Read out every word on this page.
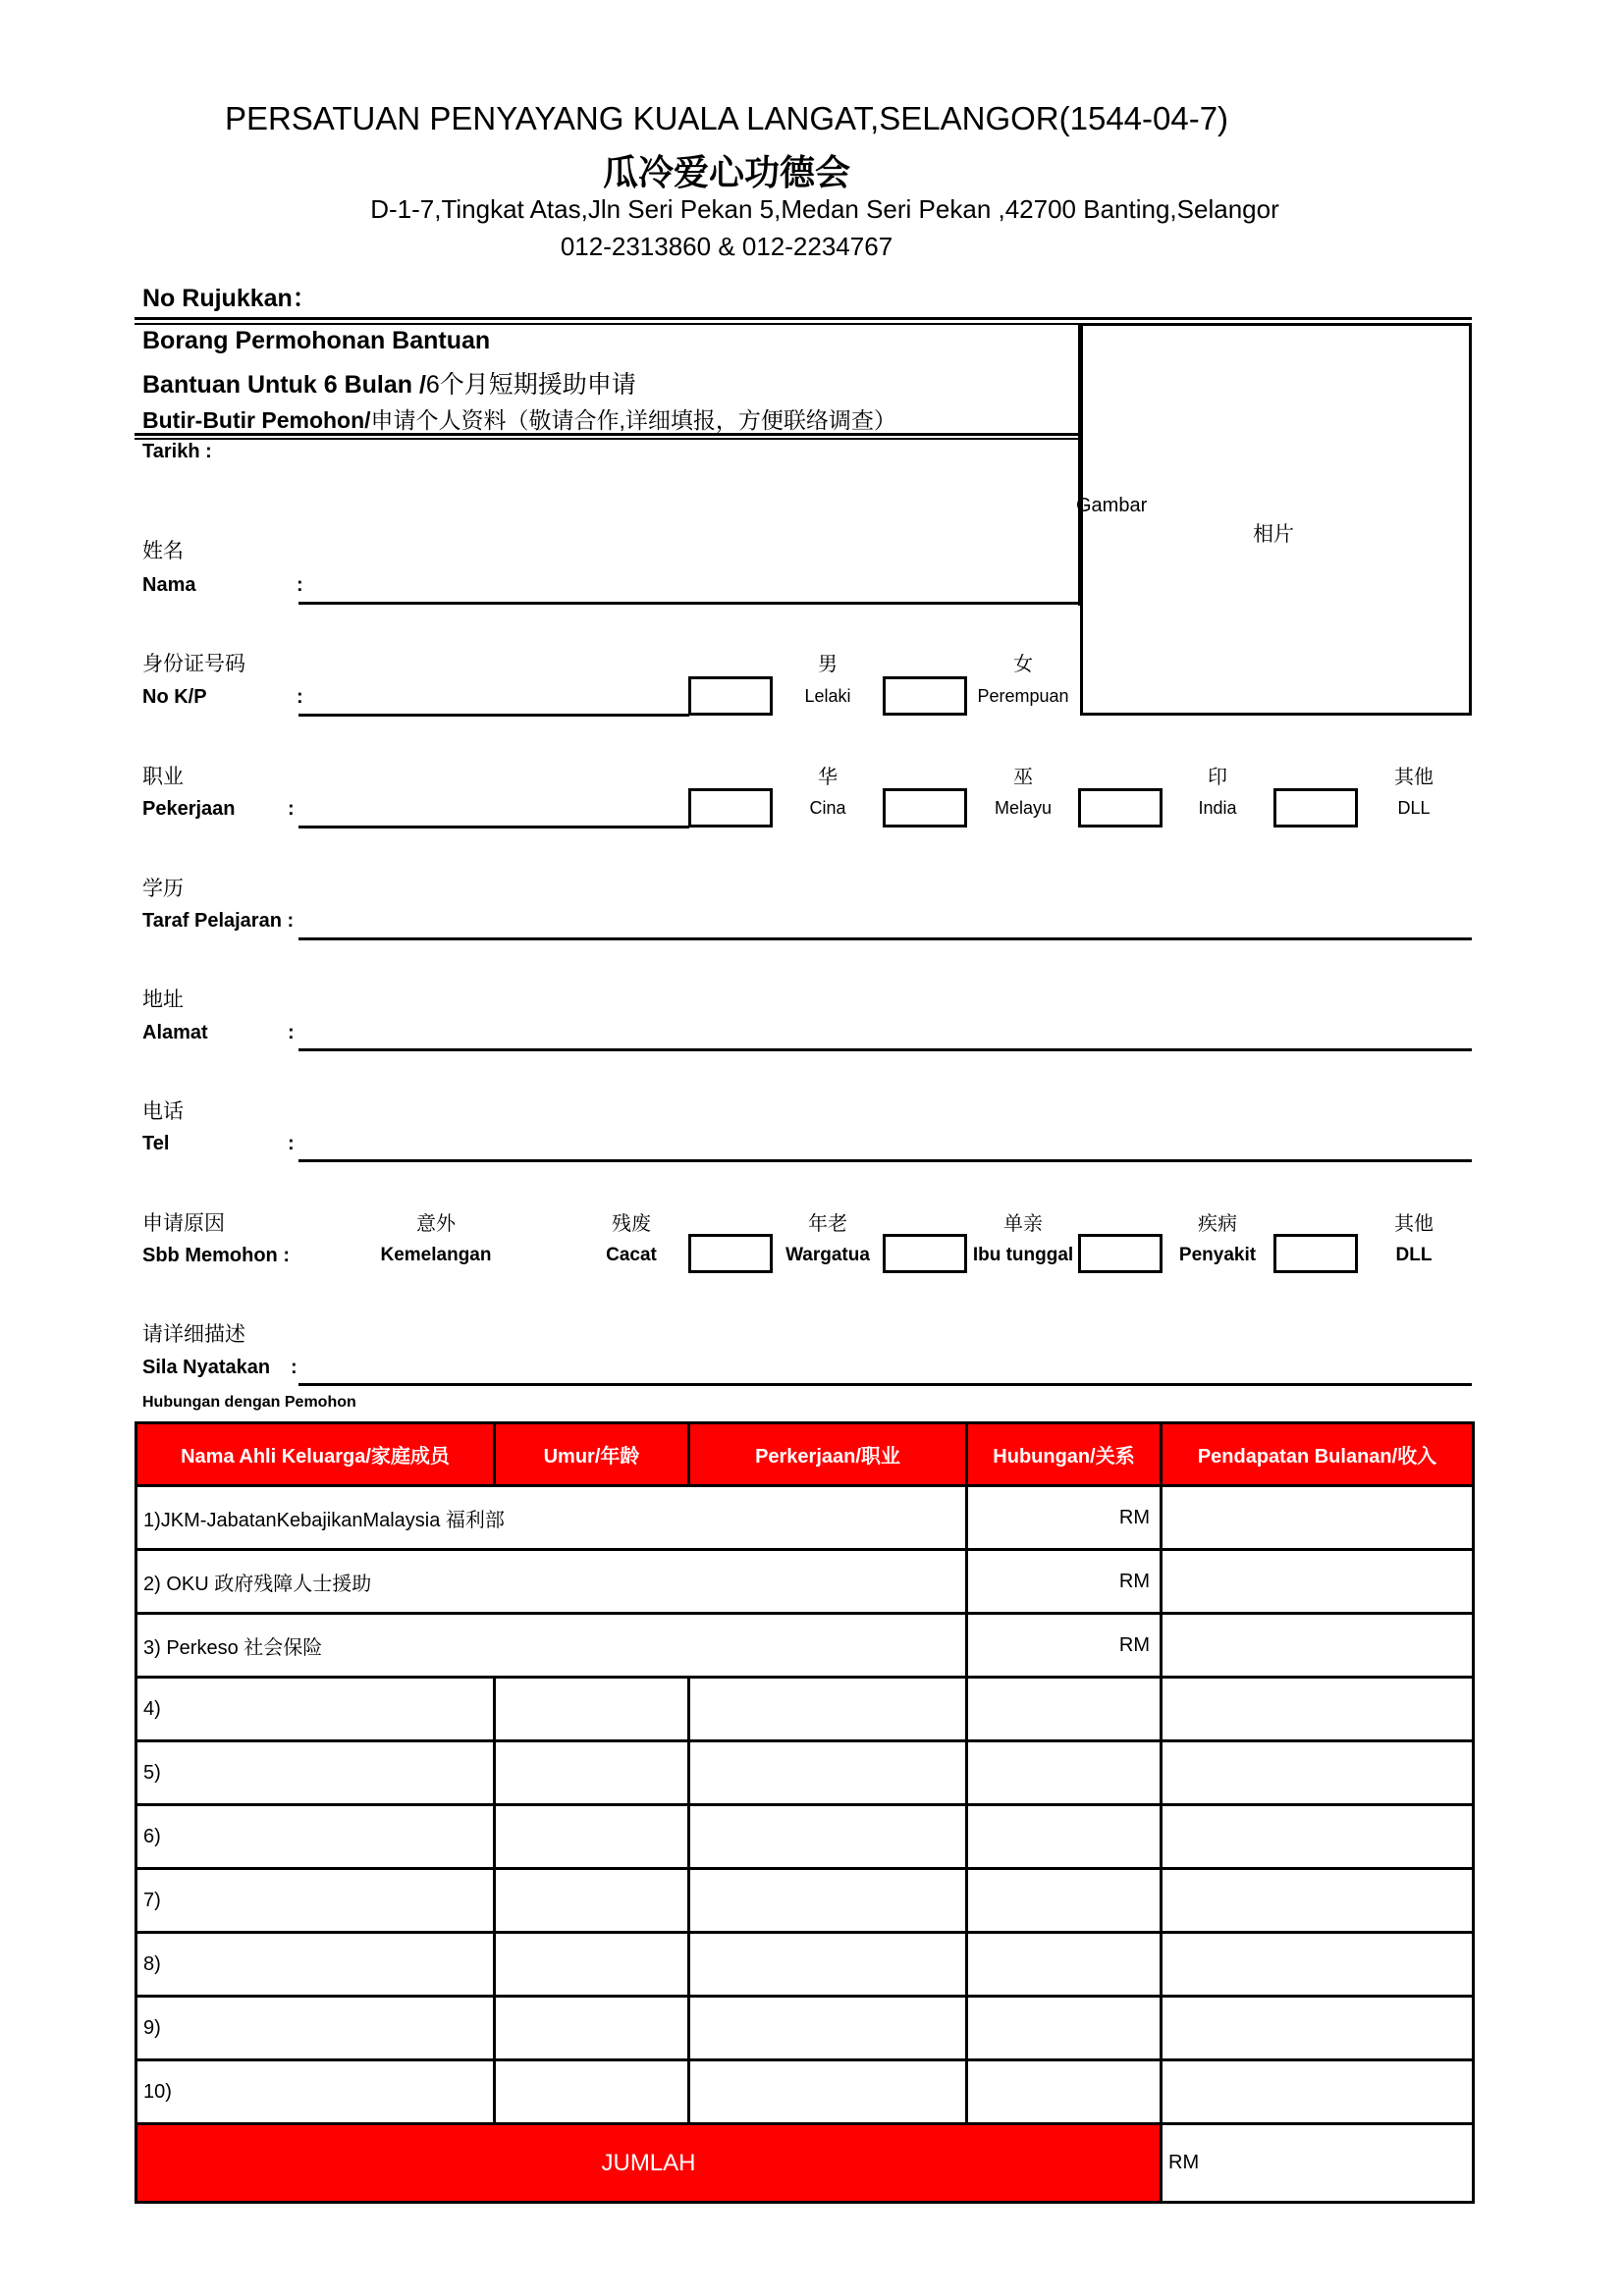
PERSATUAN PENYAYANG KUALA LANGAT,SELANGOR(1544-04-7)
瓜冷爱心功德会
D-1-7,Tingkat Atas,Jln Seri Pekan 5,Medan Seri Pekan ,42700 Banting,Selangor
012-2313860 & 012-2234767
No Rujukkan：
Borang Permohonan Bantuan
Bantuan Untuk 6 Bulan /6个月短期援助申请
Butir-Butir Pemohon/申请个人资料（敬请合作,详细填报，方便联络调查）
Tarikh :
Gambar
相片
姓名
Nama	:
身份证号码
No K/P	:
男
Lelaki
女
Perempuan
职业
Pekerjaan	:
华
Cina
巫
Melayu
印
India
其他
DLL
学历
Taraf Pelajaran :
地址
Alamat	:
电话
Tel	:
申请原因
Sbb Memohon :
意外
Kemelangan
残废
Cacat
年老
Wargatua
单亲
Ibu tunggal
疾病
Penyakit
其他
DLL
请详细描述
Sila Nyatakan :
Hubungan dengan Pemohon
Nama Ahli Keluarga/家庭成员	Umur/年龄	Perkerjaan/职业	Hubungan/关系	Pendapatan Bulanan/收入
1)JKM-JabatanKebajikanMalaysia 福利部			RM	
2) OKU 政府残障人士援助			RM	
3) Perkeso 社会保险			RM	
4)				
5)				
6)				
7)				
8)				
9)				
10)				
JUMLAH				RM
